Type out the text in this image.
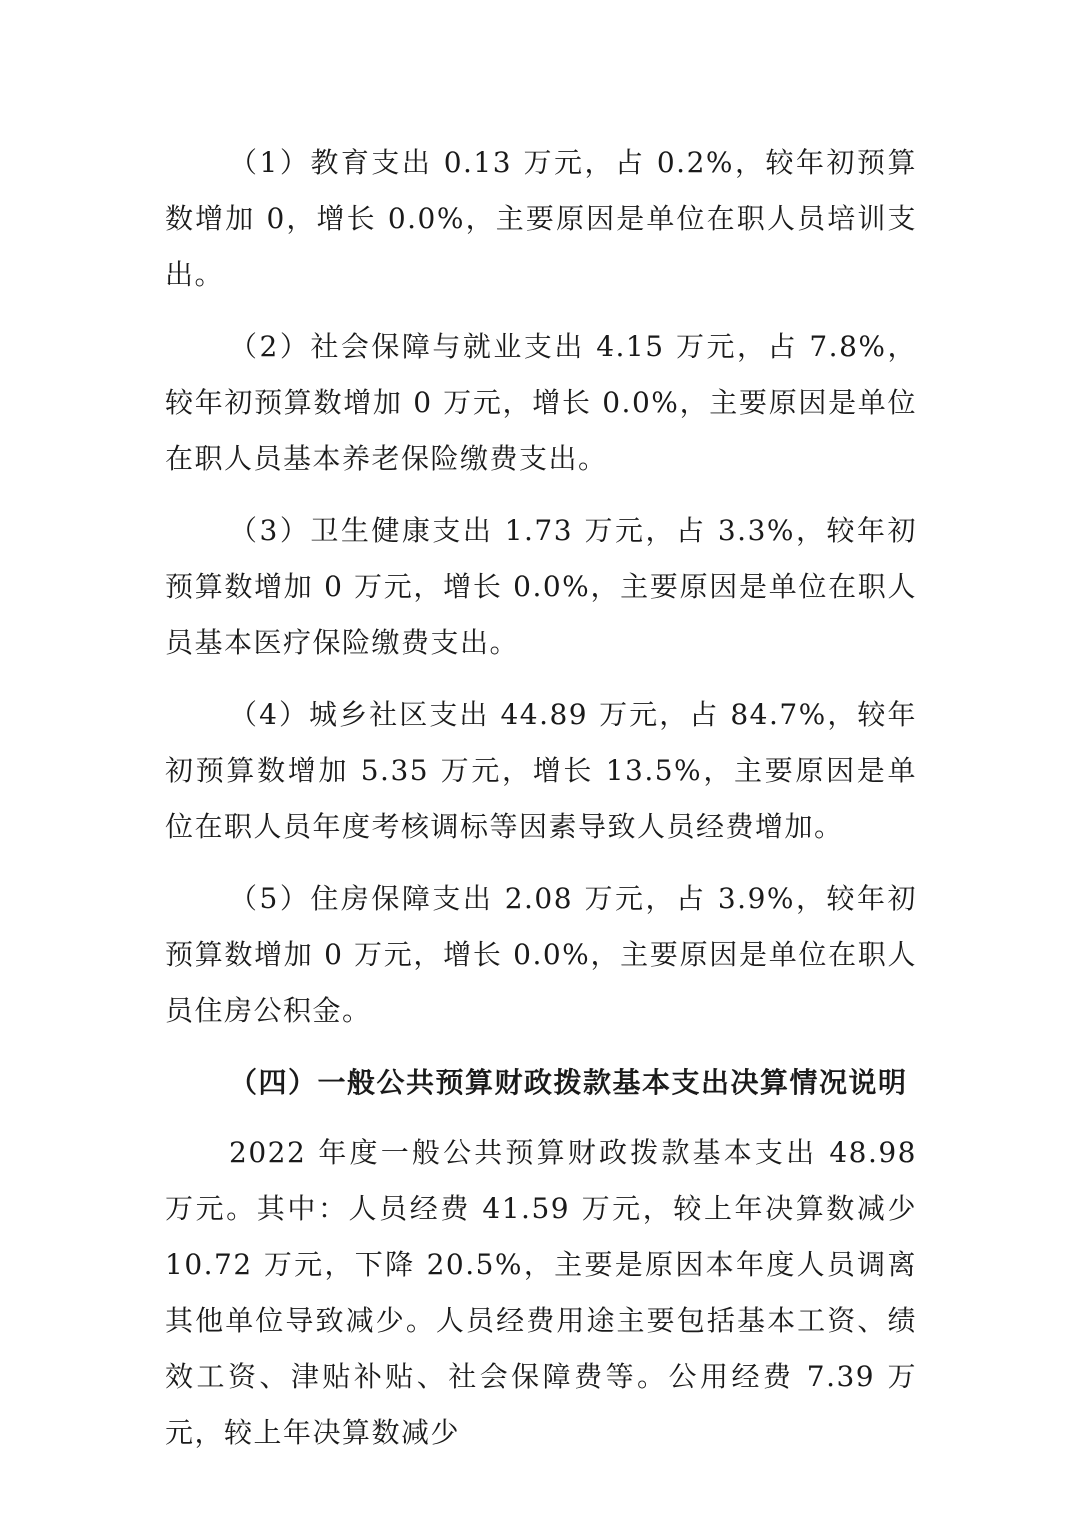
（1）教育支出 0.13 万元，占 0.2%，较年初预算数增加 0，增长 0.0%，主要原因是单位在职人员培训支出。

（2）社会保障与就业支出 4.15 万元，占 7.8%，较年初预算数增加 0 万元，增长 0.0%，主要原因是单位在职人员基本养老保险缴费支出。

（3）卫生健康支出 1.73 万元，占 3.3%，较年初预算数增加 0 万元，增长 0.0%，主要原因是单位在职人员基本医疗保险缴费支出。

（4）城乡社区支出 44.89 万元，占 84.7%，较年初预算数增加 5.35 万元，增长 13.5%，主要原因是单位在职人员年度考核调标等因素导致人员经费增加。

（5）住房保障支出 2.08 万元，占 3.9%，较年初预算数增加 0 万元，增长 0.0%，主要原因是单位在职人员住房公积金。

（四）一般公共预算财政拨款基本支出决算情况说明

2022 年度一般公共预算财政拨款基本支出 48.98 万元。其中：人员经费 41.59 万元，较上年决算数减少 10.72 万元，下降 20.5%，主要是原因本年度人员调离其他单位导致减少。人员经费用途主要包括基本工资、绩效工资、津贴补贴、社会保障费等。公用经费 7.39 万元，较上年决算数减少
